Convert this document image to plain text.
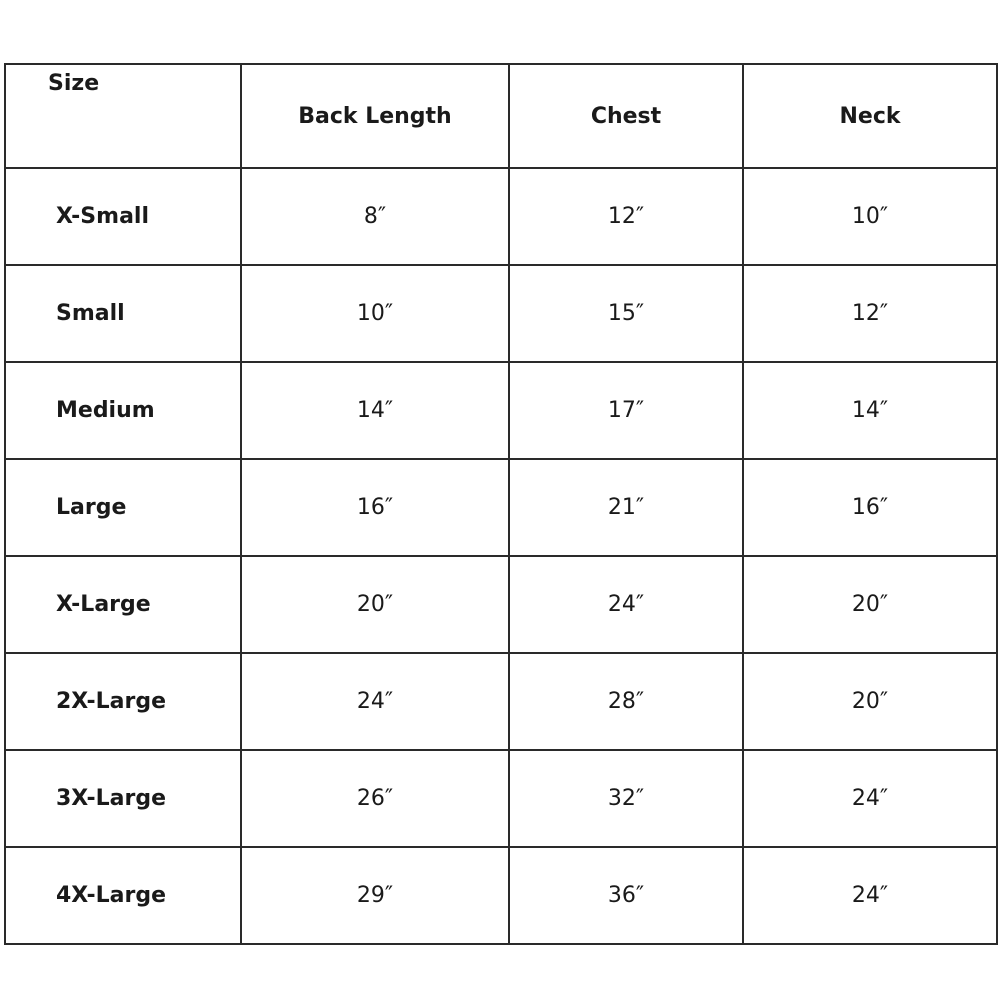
Size	Back Length	Chest	Neck
X-Small	8″	12″	10″
Small	10″	15″	12″
Medium	14″	17″	14″
Large	16″	21″	16″
X-Large	20″	24″	20″
2X-Large	24″	28″	20″
3X-Large	26″	32″	24″
4X-Large	29″	36″	24″
